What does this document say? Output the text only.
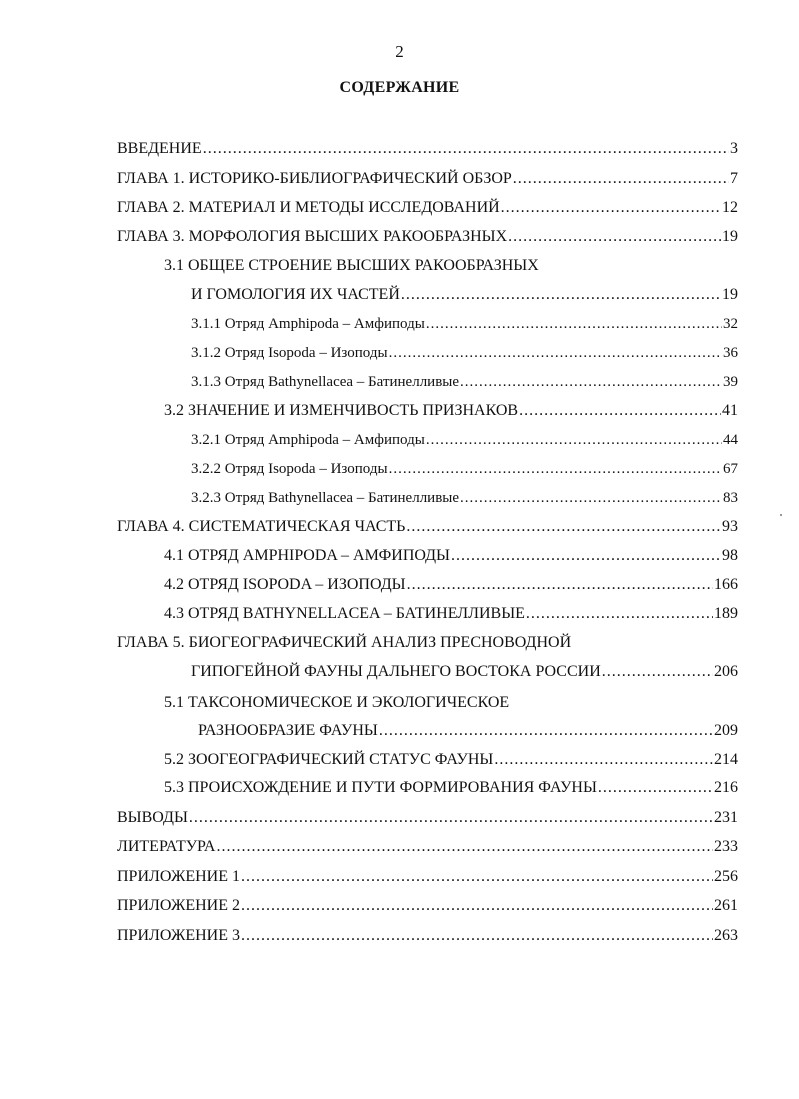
2
СОДЕРЖАНИЕ
ВВЕДЕНИЕ .....	3
ГЛАВА 1. ИСТОРИКО-БИБЛИОГРАФИЧЕСКИЙ ОБЗОР .....	7
ГЛАВА 2. МАТЕРИАЛ И МЕТОДЫ ИССЛЕДОВАНИЙ .....	12
ГЛАВА 3. МОРФОЛОГИЯ ВЫСШИХ РАКООБРАЗНЫХ .....	19
3.1 ОБЩЕЕ СТРОЕНИЕ ВЫСШИХ РАКООБРАЗНЫХ
И ГОМОЛОГИЯ ИХ ЧАСТЕЙ .....	19
3.1.1 Отряд Amphipoda – Амфиподы .....	32
3.1.2 Отряд Isopoda – Изоподы .....	36
3.1.3 Отряд Bathynellacea – Батинелливые .....	39
3.2 ЗНАЧЕНИЕ И ИЗМЕНЧИВОСТЬ ПРИЗНАКОВ .....	41
3.2.1 Отряд Amphipoda – Амфиподы .....	44
3.2.2 Отряд Isopoda – Изоподы .....	67
3.2.3 Отряд Bathynellacea – Батинелливые .....	83
ГЛАВА 4. СИСТЕМАТИЧЕСКАЯ ЧАСТЬ .....	93
4.1 ОТРЯД AMPHIPODA – АМФИПОДЫ .....	98
4.2 ОТРЯД ISOPODA – ИЗОПОДЫ .....	166
4.3 ОТРЯД BATHYNELLACEA – БАТИНЕЛЛИВЫЕ .....	189
ГЛАВА 5. БИОГЕОГРАФИЧЕСКИЙ АНАЛИЗ ПРЕСНОВОДНОЙ
ГИПОГЕЙНОЙ ФАУНЫ ДАЛЬНЕГО ВОСТОКА РОССИИ .....	206
5.1 ТАКСОНОМИЧЕСКОЕ И ЭКОЛОГИЧЕСКОЕ
РАЗНООБРАЗИЕ ФАУНЫ .....	209
5.2 ЗООГЕОГРАФИЧЕСКИЙ СТАТУС ФАУНЫ .....	214
5.3 ПРОИСХОЖДЕНИЕ И ПУТИ ФОРМИРОВАНИЯ ФАУНЫ .....	216
ВЫВОДЫ .....	231
ЛИТЕРАТУРА .....	233
ПРИЛОЖЕНИЕ 1 .....	256
ПРИЛОЖЕНИЕ 2 .....	261
ПРИЛОЖЕНИЕ 3 .....	263
